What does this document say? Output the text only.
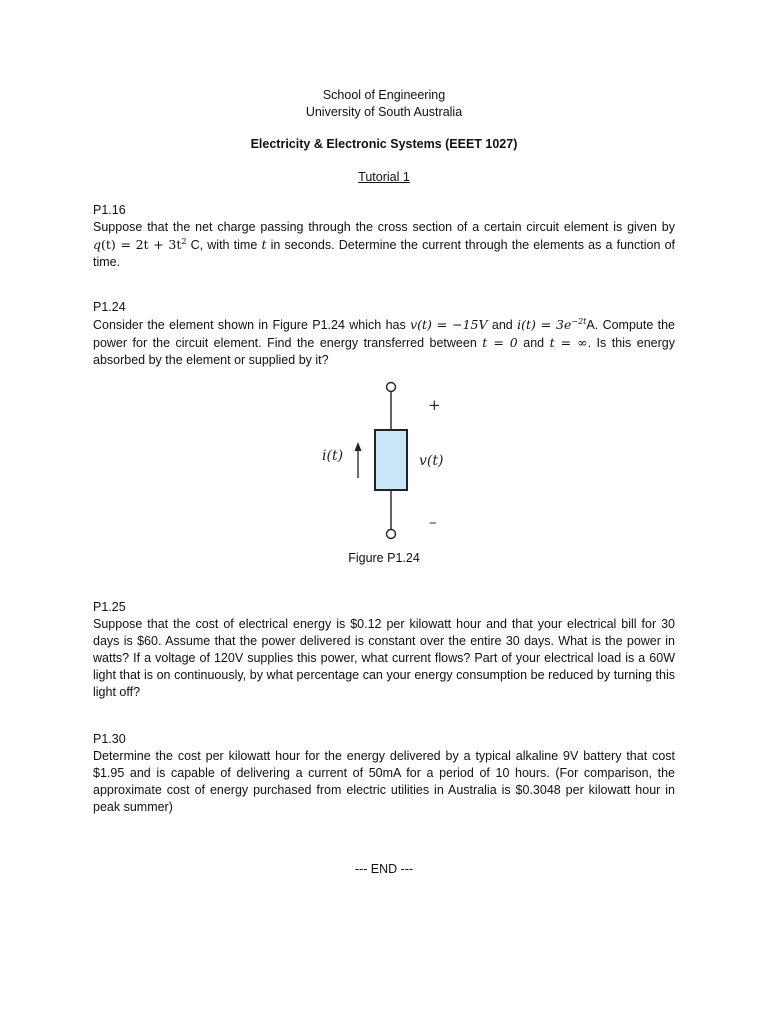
School of Engineering
University of South Australia
Electricity & Electronic Systems (EEET 1027)
Tutorial 1

P1.16

Suppose that the net charge passing through the cross section of a certain circuit element is given by $q(t) = 2t + 3t^2$ C, with time t in seconds. Determine the current through the elements as a function of time.

P1.24

Consider the element shown in Figure P1.24 which has v(t) = −15V and $i(t) = 3e^{-2t}A$. Compute the power for the circuit element. Find the energy transferred between t = 0 and t = ∞. Is this energy absorbed by the element or supplied by it?

i(t)	v(t)
+
–
Figure P1.24

P1.25

Suppose that the cost of electrical energy is $0.12 per kilowatt hour and that your electrical bill for 30 days is $60. Assume that the power delivered is constant over the entire 30 days. What is the power in watts? If a voltage of 120V supplies this power, what current flows? Part of your electrical load is a 60W light that is on continuously, by what percentage can your energy consumption be reduced by turning this light off?

P1.30

Determine the cost per kilowatt hour for the energy delivered by a typical alkaline 9V battery that cost $1.95 and is capable of delivering a current of 50mA for a period of 10 hours. (For comparison, the approximate cost of energy purchased from electric utilities in Australia is $0.3048 per kilowatt hour in peak summer)

--- END ---
